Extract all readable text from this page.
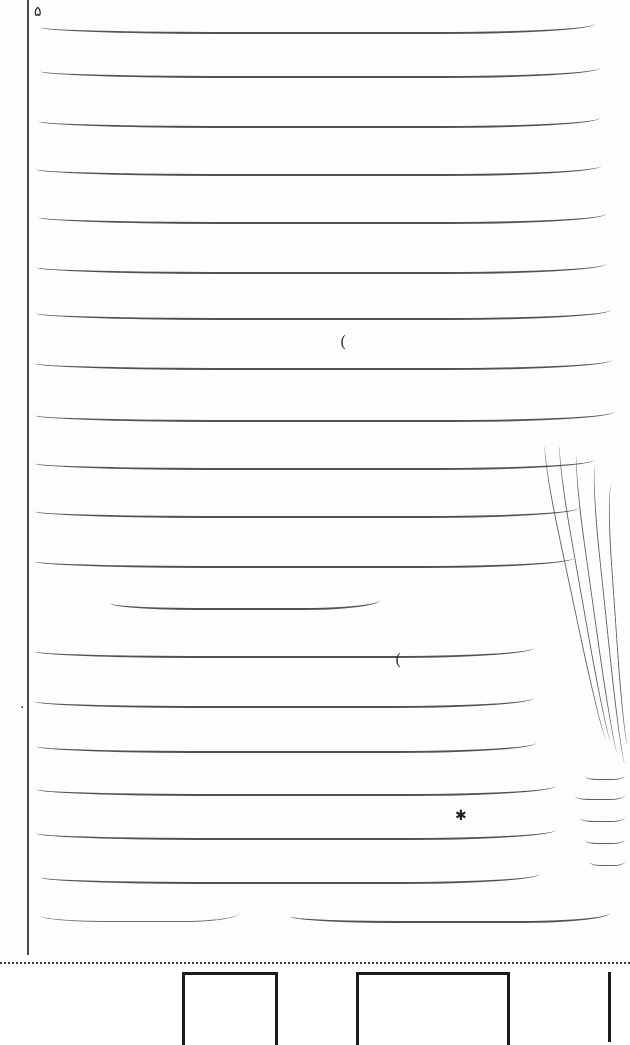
۵
·
✱
(
(
